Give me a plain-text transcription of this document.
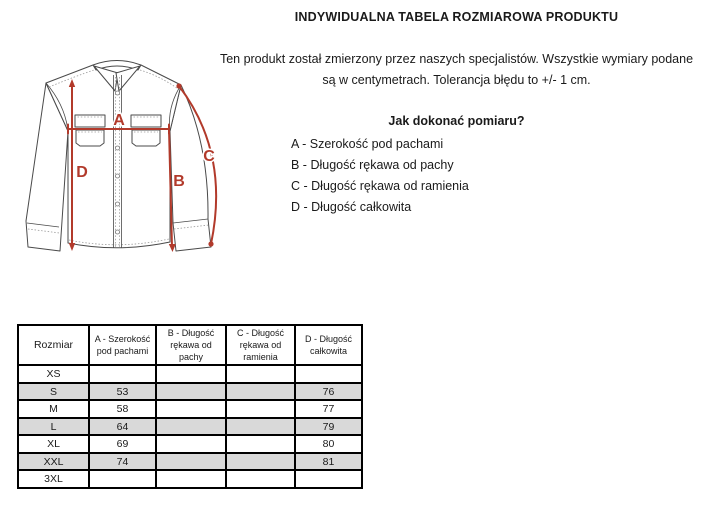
INDYWIDUALNA TABELA ROZMIAROWA PRODUKTU
Ten produkt został zmierzony przez naszych specjalistów. Wszystkie wymiary podane są w centymetrach. Tolerancja błędu to +/- 1 cm.
Jak dokonać pomiaru?
A - Szerokość pod pachami
B - Długość rękawa od pachy
C - Długość rękawa od ramienia
D - Długość całkowita
A
B
C
D
Rozmiar	A - Szerokość pod pachami	B - Długość rękawa od pachy	C - Długość rękawa od ramienia	D - Długość całkowita
XS				
S	53			76
M	58			77
L	64			79
XL	69			80
XXL	74			81
3XL				
